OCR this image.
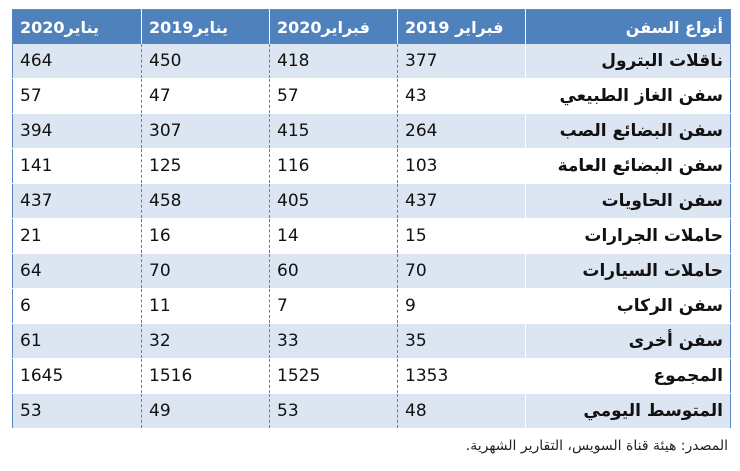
أنواع السفن	فبراير 2019	فبراير2020	يناير2019	يناير2020
ناقلات البترول	377	418	450	464
سفن الغاز الطبيعي	43	57	47	57
سفن البضائع الصب	264	415	307	394
سفن البضائع العامة	103	116	125	141
سفن الحاويات	437	405	458	437
حاملات الجرارات	15	14	16	21
حاملات السيارات	70	60	70	64
سفن الركاب	9	7	11	6
سفن أخرى	35	33	32	61
المجموع	1353	1525	1516	1645
المتوسط اليومي	48	53	49	53
المصدر: هيئة قناة السويس، التقارير الشهرية.
